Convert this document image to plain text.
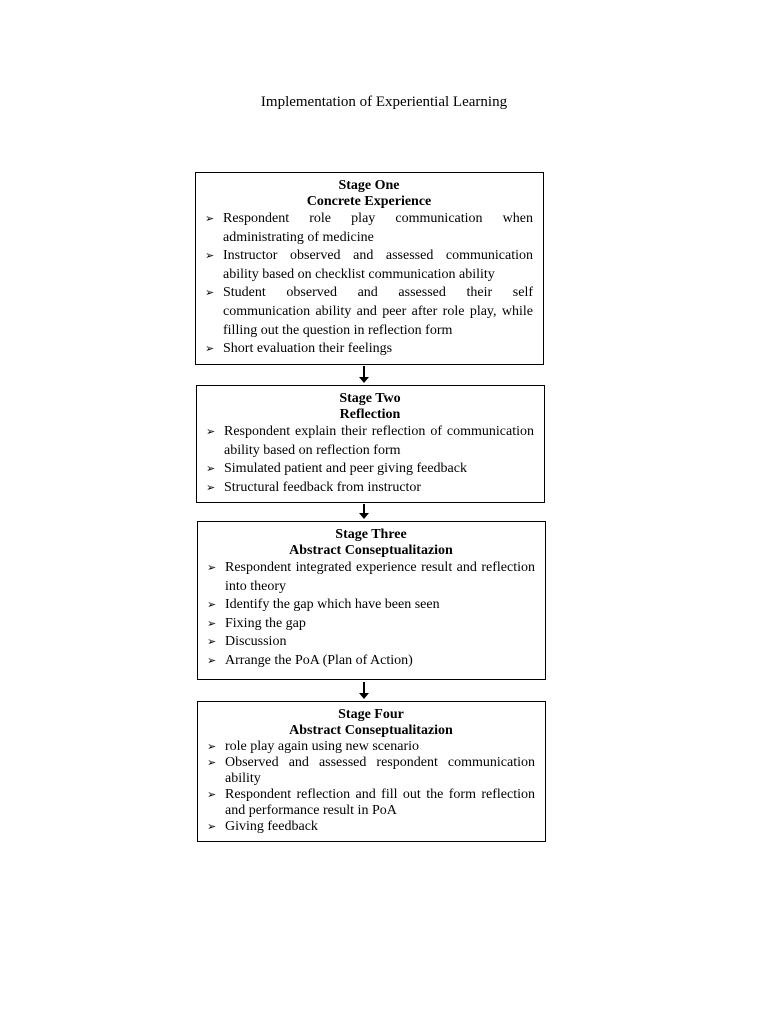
Implementation of Experiential Learning
Stage One
Concrete Experience
➢ Respondent role play communication when administrating of medicine
➢ Instructor observed and assessed communication ability based on checklist communication ability
➢ Student observed and assessed their self communication ability and peer after role play, while filling out the question in reflection form
➢ Short evaluation their feelings
Stage Two
Reflection
➢ Respondent explain their reflection of communication ability based on reflection form
➢ Simulated patient and peer giving feedback
➢ Structural feedback from instructor
Stage Three
Abstract Conseptualitazion
➢ Respondent integrated experience result and reflection into theory
➢ Identify the gap which have been seen
➢ Fixing the gap
➢ Discussion
➢ Arrange the PoA (Plan of Action)
Stage Four
Abstract Conseptualitazion
➢ role play again using new scenario
➢ Observed and assessed respondent communication ability
➢ Respondent reflection and fill out the form reflection and performance result in PoA
➢ Giving feedback
